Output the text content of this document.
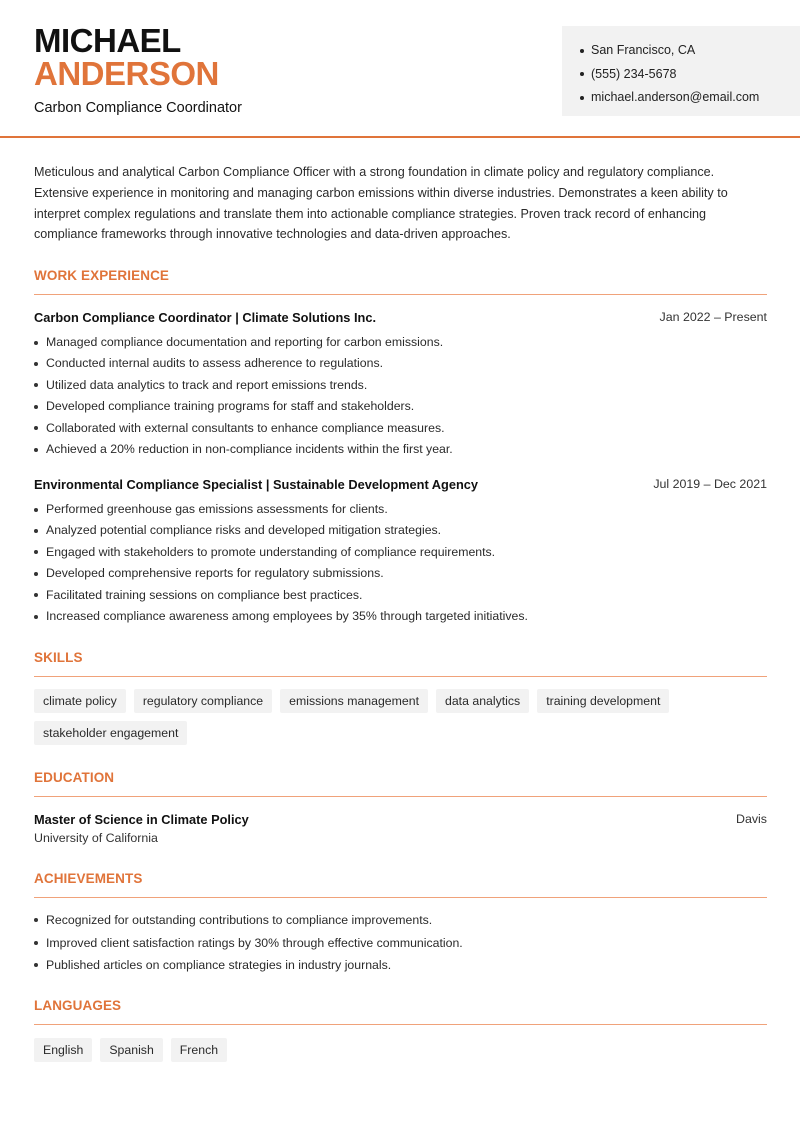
MICHAEL
ANDERSON
Carbon Compliance Coordinator
San Francisco, CA
(555) 234-5678
michael.anderson@email.com

Meticulous and analytical Carbon Compliance Officer with a strong foundation in climate policy and regulatory compliance. Extensive experience in monitoring and managing carbon emissions within diverse industries. Demonstrates a keen ability to interpret complex regulations and translate them into actionable compliance strategies. Proven track record of enhancing compliance frameworks through innovative technologies and data-driven approaches.

WORK EXPERIENCE
Carbon Compliance Coordinator | Climate Solutions Inc.	Jan 2022 – Present
Managed compliance documentation and reporting for carbon emissions.
Conducted internal audits to assess adherence to regulations.
Utilized data analytics to track and report emissions trends.
Developed compliance training programs for staff and stakeholders.
Collaborated with external consultants to enhance compliance measures.
Achieved a 20% reduction in non-compliance incidents within the first year.
Environmental Compliance Specialist | Sustainable Development Agency	Jul 2019 – Dec 2021
Performed greenhouse gas emissions assessments for clients.
Analyzed potential compliance risks and developed mitigation strategies.
Engaged with stakeholders to promote understanding of compliance requirements.
Developed comprehensive reports for regulatory submissions.
Facilitated training sessions on compliance best practices.
Increased compliance awareness among employees by 35% through targeted initiatives.
SKILLS
climate policy	regulatory compliance	emissions management	data analytics	training development
stakeholder engagement
EDUCATION
Master of Science in Climate Policy	Davis
University of California
ACHIEVEMENTS
Recognized for outstanding contributions to compliance improvements.
Improved client satisfaction ratings by 30% through effective communication.
Published articles on compliance strategies in industry journals.
LANGUAGES
English	Spanish	French
